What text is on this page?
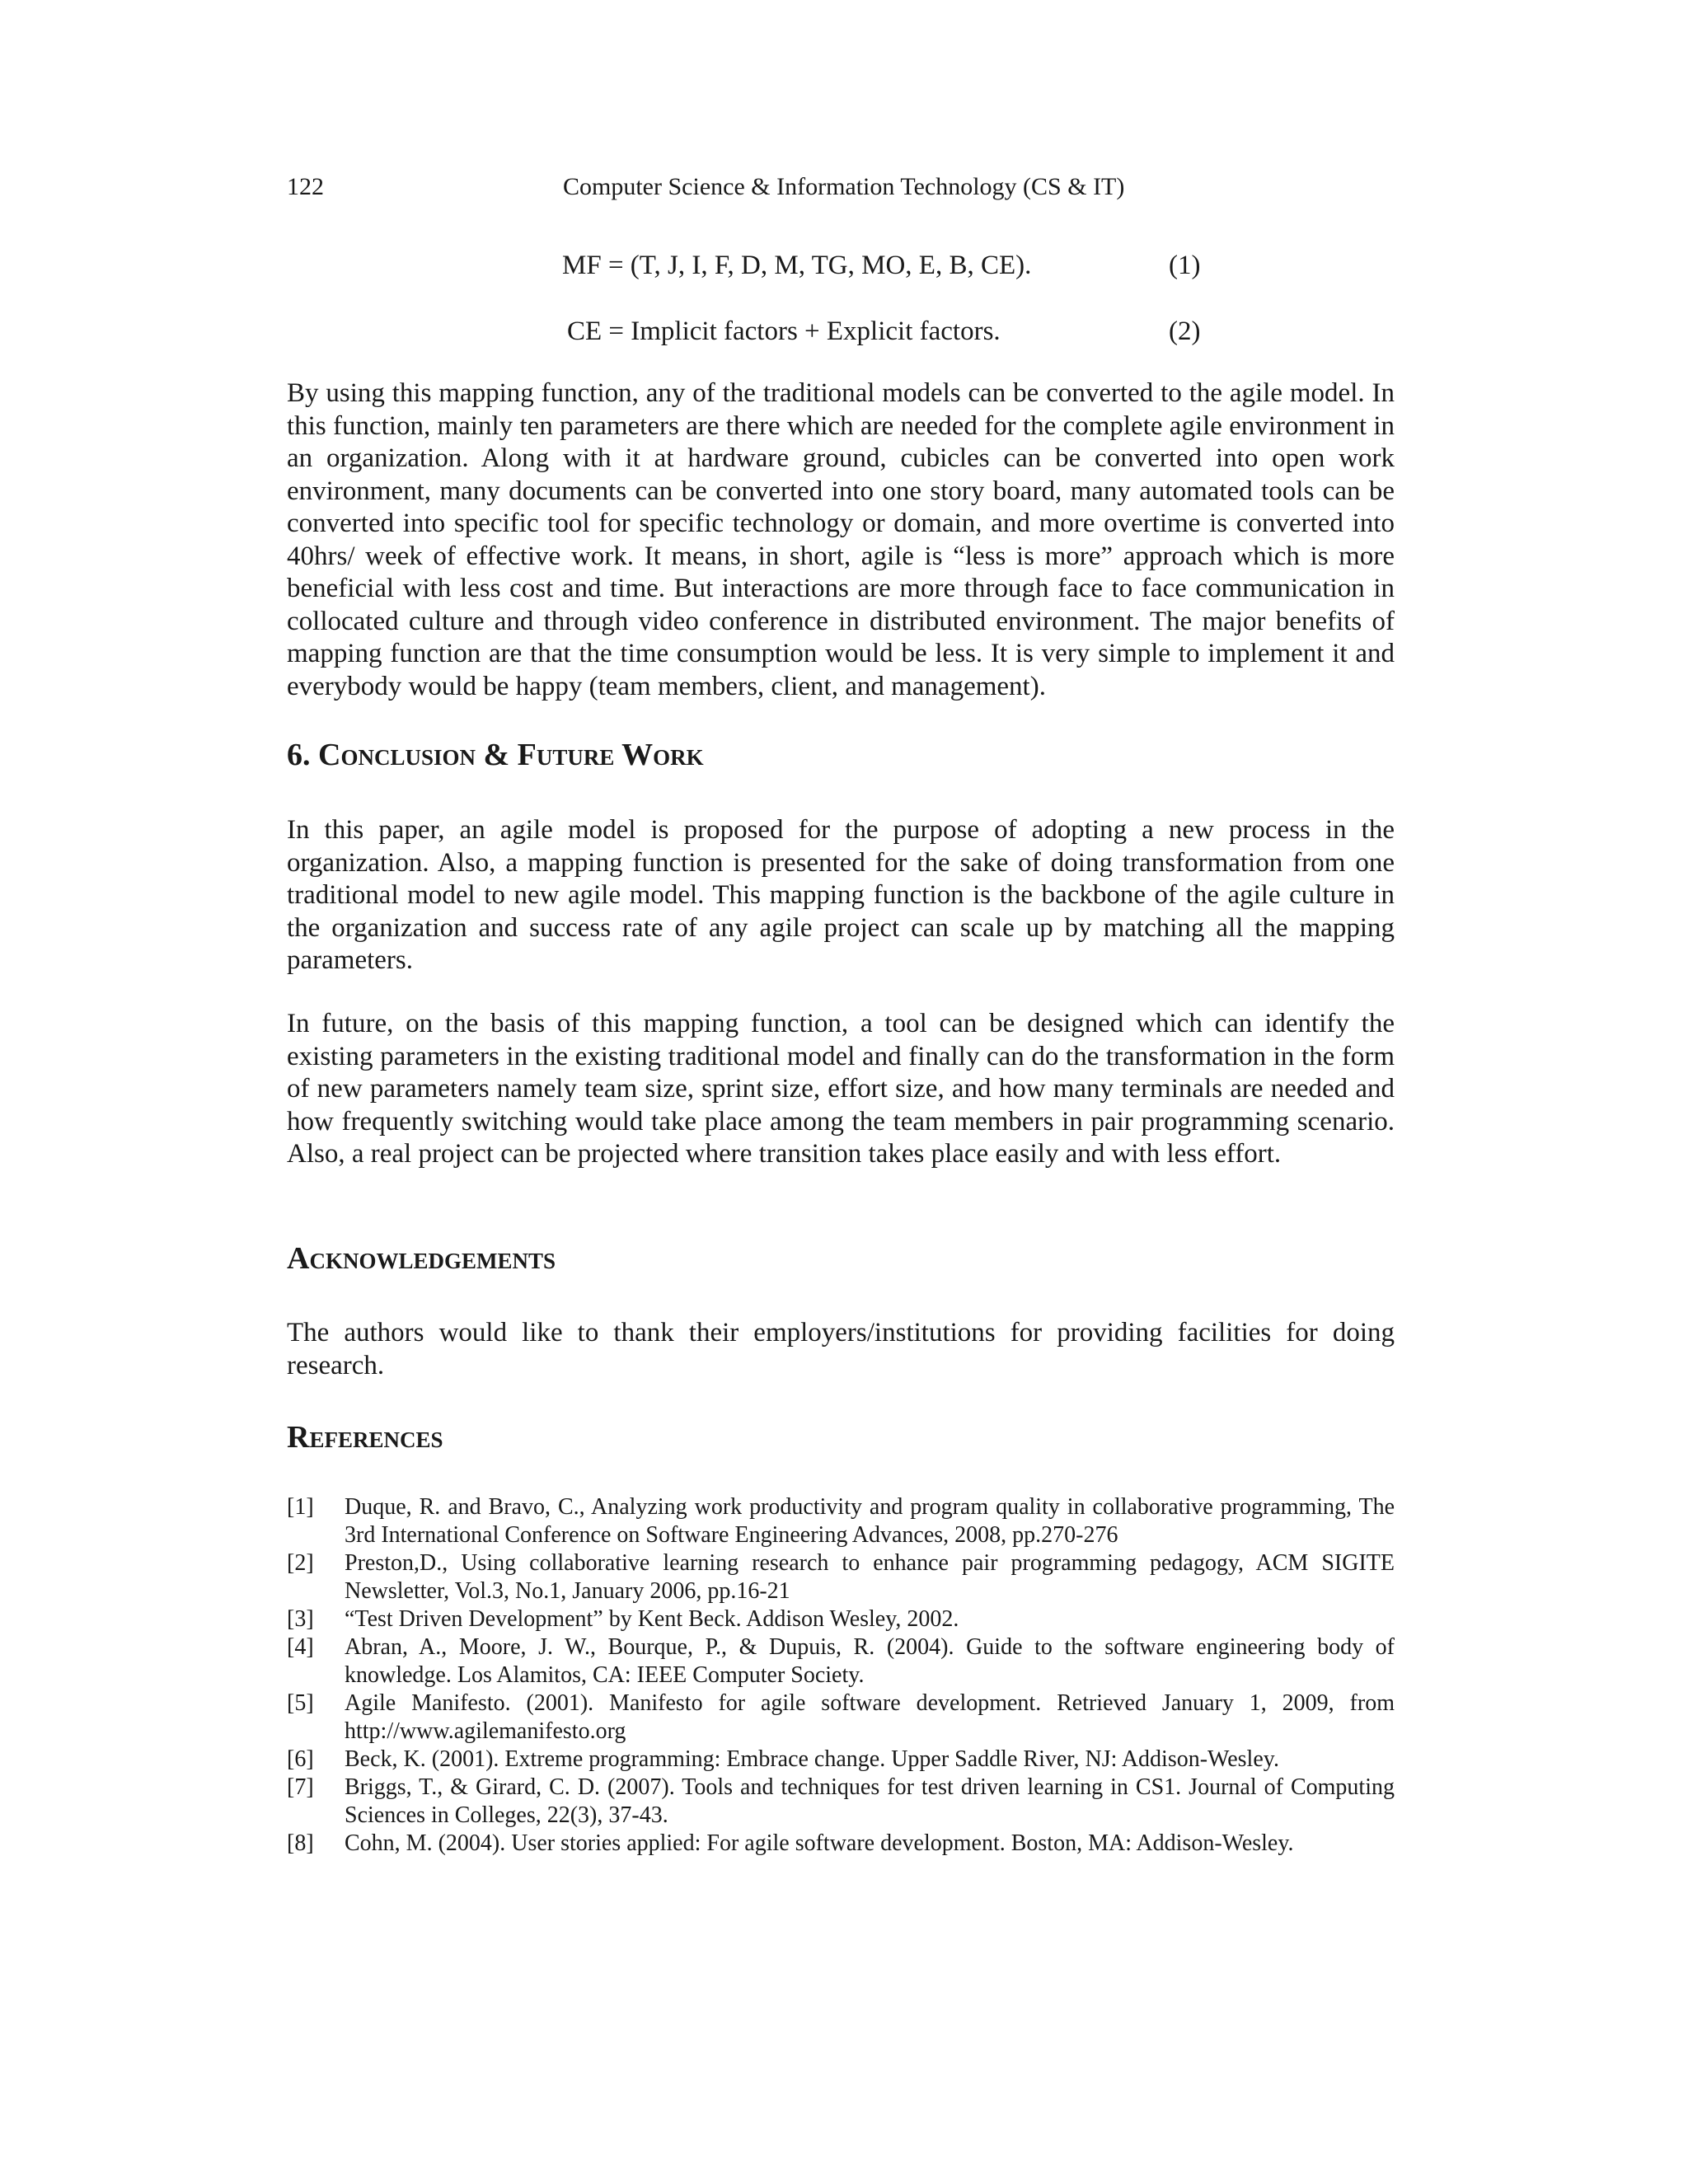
122	Computer Science & Information Technology (CS & IT)
MF = (T, J, I, F, D, M, TG, MO, E, B, CE).	(1)
CE = Implicit factors + Explicit factors.	(2)

By using this mapping function, any of the traditional models can be converted to the agile model. In this function, mainly ten parameters are there which are needed for the complete agile environment in an organization. Along with it at hardware ground, cubicles can be converted into open work environment, many documents can be converted into one story board, many automated tools can be converted into specific tool for specific technology or domain, and more overtime is converted into 40hrs/ week of effective work. It means, in short, agile is “less is more” approach which is more beneficial with less cost and time. But interactions are more through face to face communication in collocated culture and through video conference in distributed environment. The major benefits of mapping function are that the time consumption would be less. It is very simple to implement it and everybody would be happy (team members, client, and management).

6. Conclusion & Future Work

In this paper, an agile model is proposed for the purpose of adopting a new process in the organization. Also, a mapping function is presented for the sake of doing transformation from one traditional model to new agile model. This mapping function is the backbone of the agile culture in the organization and success rate of any agile project can scale up by matching all the mapping parameters.

In future, on the basis of this mapping function, a tool can be designed which can identify the existing parameters in the existing traditional model and finally can do the transformation in the form of new parameters namely team size, sprint size, effort size, and how many terminals are needed and how frequently switching would take place among the team members in pair programming scenario. Also, a real project can be projected where transition takes place easily and with less effort.

Acknowledgements

The authors would like to thank their employers/institutions for providing facilities for doing research.

References
[1] Duque, R. and Bravo, C., Analyzing work productivity and program quality in collaborative programming, The 3rd International Conference on Software Engineering Advances, 2008, pp.270-276
[2] Preston,D., Using collaborative learning research to enhance pair programming pedagogy, ACM SIGITE Newsletter, Vol.3, No.1, January 2006, pp.16-21
[3] “Test Driven Development” by Kent Beck. Addison Wesley, 2002.
[4] Abran, A., Moore, J. W., Bourque, P., & Dupuis, R. (2004). Guide to the software engineering body of knowledge. Los Alamitos, CA: IEEE Computer Society.
[5] Agile Manifesto. (2001). Manifesto for agile software development. Retrieved January 1, 2009, from http://www.agilemanifesto.org
[6] Beck, K. (2001). Extreme programming: Embrace change. Upper Saddle River, NJ: Addison-Wesley.
[7] Briggs, T., & Girard, C. D. (2007). Tools and techniques for test driven learning in CS1. Journal of Computing Sciences in Colleges, 22(3), 37-43.
[8] Cohn, M. (2004). User stories applied: For agile software development. Boston, MA: Addison-Wesley.
